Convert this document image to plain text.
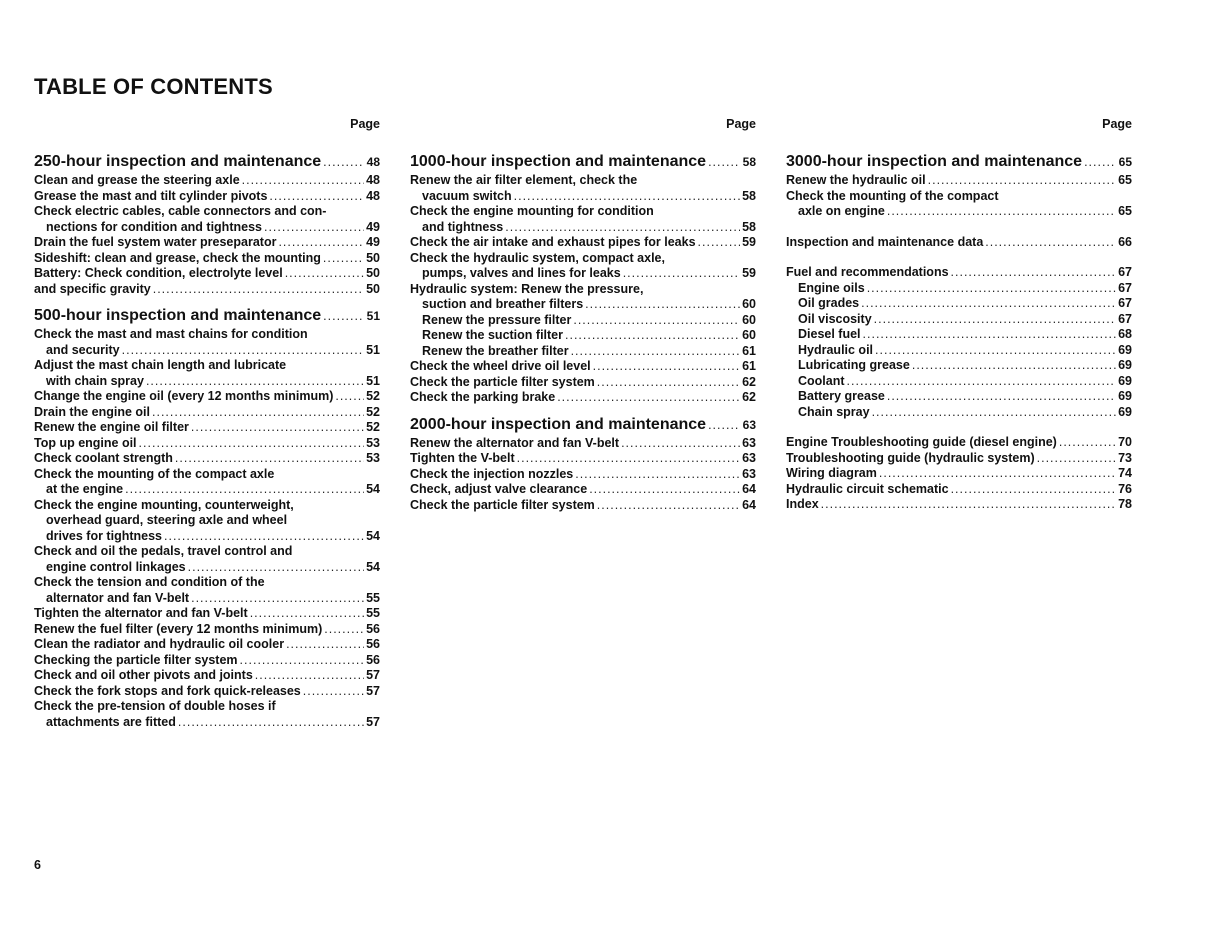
TABLE OF CONTENTS
Page
250-hour inspection and maintenance .....	48
Clean and grease the steering axle .....	48
Grease the mast and tilt cylinder pivots .....	48
Check electric cables, cable connectors and con-
nections for condition and tightness .....	49
Drain the fuel system water preseparator .....	49
Sideshift: clean and grease, check the mounting .....	50
Battery: Check condition, electrolyte level .....	50
and specific gravity .....	50
500-hour inspection and maintenance .....	51
Check the mast and mast chains for condition
and security .....	51
Adjust the mast chain length and lubricate
with chain spray .....	51
Change the engine oil (every 12 months minimum) .....	52
Drain the engine oil .....	52
Renew the engine oil filter .....	52
Top up engine oil .....	53
Check coolant strength .....	53
Check the mounting of the compact axle
at the engine .....	54
Check the engine mounting, counterweight,
overhead guard, steering axle and wheel
drives for tightness .....	54
Check and oil the pedals, travel control and
engine control linkages .....	54
Check the tension and condition of the
alternator and fan V-belt .....	55
Tighten the alternator and fan V-belt .....	55
Renew the fuel filter (every 12 months minimum) .....	56
Clean the radiator and hydraulic oil cooler .....	56
Checking the particle filter system .....	56
Check and oil other pivots and joints .....	57
Check the fork stops and fork quick-releases .....	57
Check the pre-tension of double hoses if
attachments are fitted .....	57
Page
1000-hour inspection and maintenance .....	58
Renew the air filter element, check the
vacuum switch .....	58
Check the engine mounting for condition
and tightness .....	58
Check the air intake and exhaust pipes for leaks .....	59
Check the hydraulic system, compact axle,
pumps, valves and lines for leaks .....	59
Hydraulic system: Renew the pressure,
suction and breather filters .....	60
Renew the pressure filter .....	60
Renew the suction filter .....	60
Renew the breather filter .....	61
Check the wheel drive oil level .....	61
Check the particle filter system .....	62
Check the parking brake .....	62
2000-hour inspection and maintenance .....	63
Renew the alternator and fan V-belt .....	63
Tighten the V-belt .....	63
Check the injection nozzles .....	63
Check, adjust valve clearance .....	64
Check the particle filter system .....	64
Page
3000-hour inspection and maintenance .....	65
Renew the hydraulic oil .....	65
Check the mounting of the compact
axle on engine .....	65
Inspection and maintenance data .....	66
Fuel and recommendations .....	67
Engine oils .....	67
Oil grades .....	67
Oil viscosity .....	67
Diesel fuel .....	68
Hydraulic oil .....	69
Lubricating grease .....	69
Coolant .....	69
Battery grease .....	69
Chain spray .....	69
Engine Troubleshooting guide (diesel engine) .....	70
Troubleshooting guide (hydraulic system) .....	73
Wiring diagram .....	74
Hydraulic circuit schematic .....	76
Index .....	78
6
